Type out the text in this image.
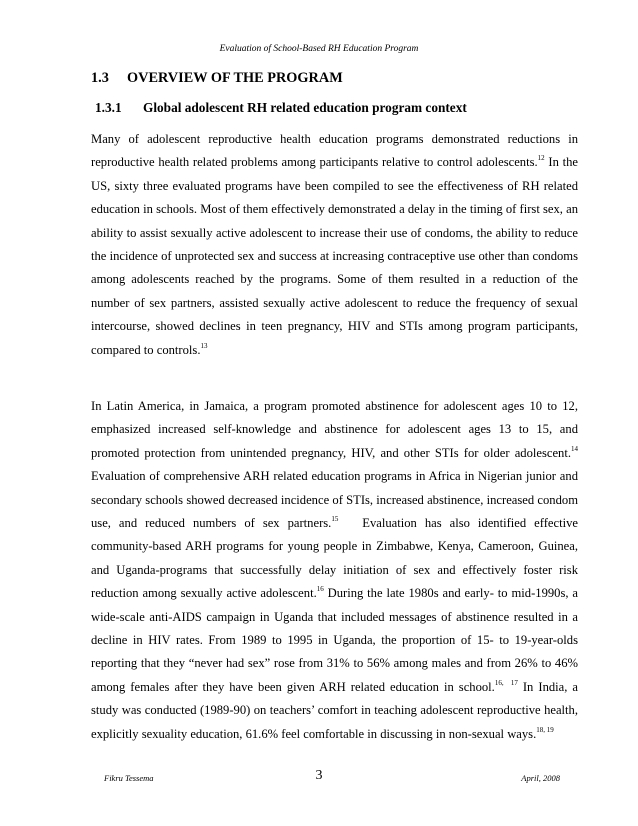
Evaluation of School-Based RH Education Program
1.3 OVERVIEW OF THE PROGRAM
1.3.1 Global adolescent RH related education program context

Many of adolescent reproductive health education programs demonstrated reductions in reproductive health related problems among participants relative to control adolescents.$^{12}$ In the US, sixty three evaluated programs have been compiled to see the effectiveness of RH related education in schools. Most of them effectively demonstrated a delay in the timing of first sex, an ability to assist sexually active adolescent to increase their use of condoms, the ability to reduce the incidence of unprotected sex and success at increasing contraceptive use other than condoms among adolescents reached by the programs. Some of them resulted in a reduction of the number of sex partners, assisted sexually active adolescent to reduce the frequency of sexual intercourse, showed declines in teen pregnancy, HIV and STIs among program participants, compared to controls.$^{13}$

In Latin America, in Jamaica, a program promoted abstinence for adolescent ages 10 to 12, emphasized increased self-knowledge and abstinence for adolescent ages 13 to 15, and promoted protection from unintended pregnancy, HIV, and other STIs for older adolescent.$^{14}$ Evaluation of comprehensive ARH related education programs in Africa in Nigerian junior and secondary schools showed decreased incidence of STIs, increased abstinence, increased condom use, and reduced numbers of sex partners.$^{15}$   Evaluation has also identified effective community-based ARH programs for young people in Zimbabwe, Kenya, Cameroon, Guinea, and Uganda-programs that successfully delay initiation of sex and effectively foster risk reduction among sexually active adolescent.$^{16}$ During the late 1980s and early- to mid-1990s, a wide-scale anti-AIDS campaign in Uganda that included messages of abstinence resulted in a decline in HIV rates. From 1989 to 1995 in Uganda, the proportion of 15- to 19-year-olds reporting that they “never had sex” rose from 31% to 56% among males and from 26% to 46% among females after they have been given ARH related education in school.$^{16, 17}$ In India, a study was conducted (1989-90) on teachers’ comfort in teaching adolescent reproductive health, explicitly sexuality education, 61.6% feel comfortable in discussing in non-sexual ways.$^{18, 19}$

Fikru Tessema	3	April, 2008
